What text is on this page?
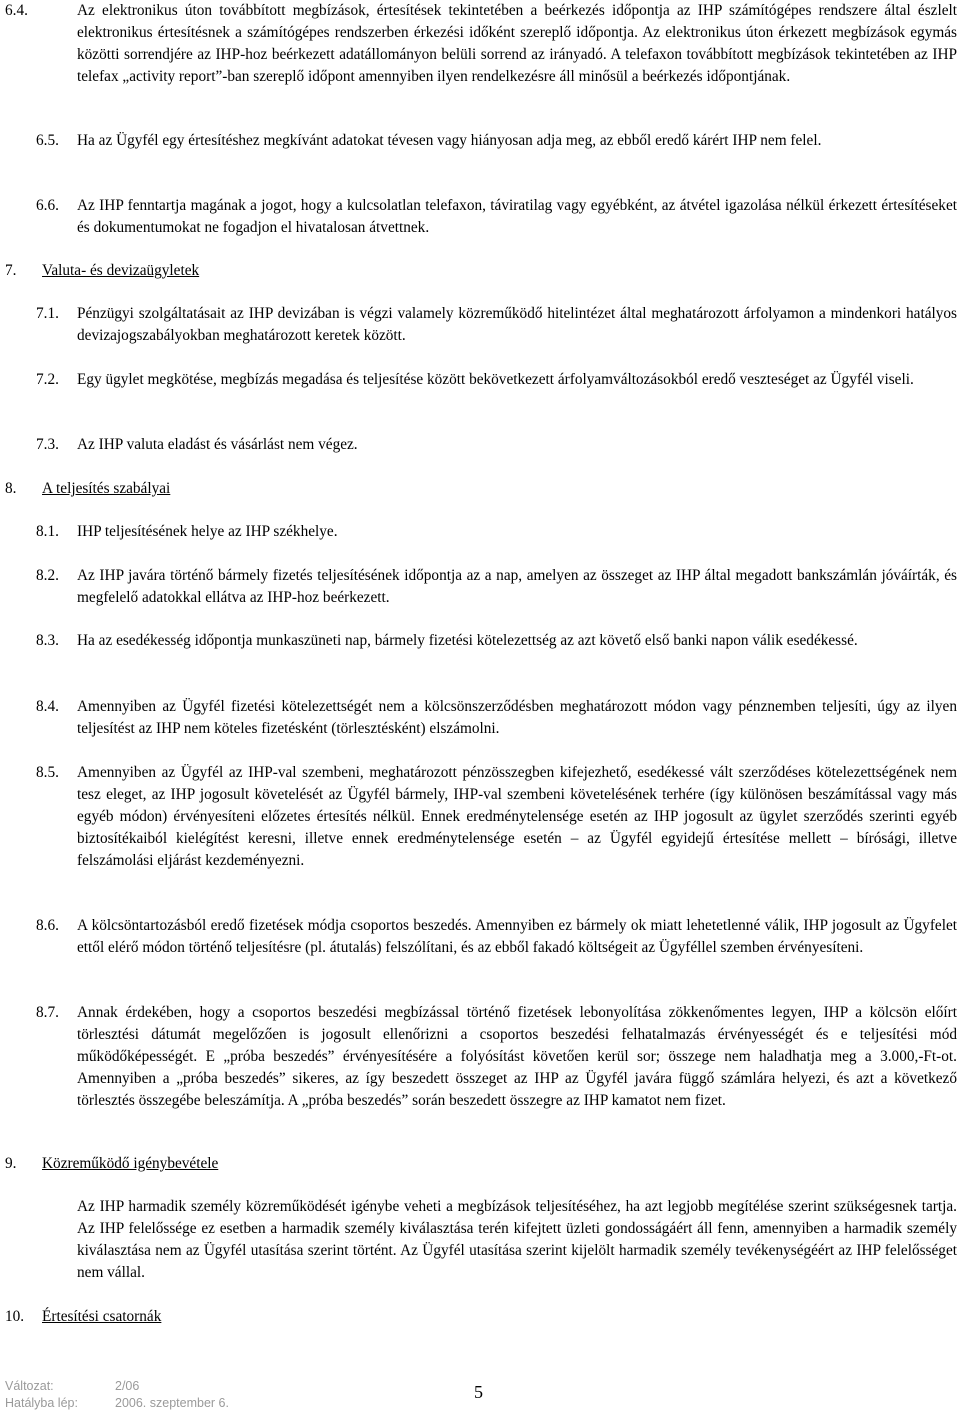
6.4.	Az elektronikus úton továbbított megbízások, értesítések tekintetében a beérkezés időpontja az IHP számítógépes rendszere által észlelt elektronikus értesítésnek a számítógépes rendszerben érkezési időként szereplő időpontja. Az elektronikus úton érkezett megbízások egymás közötti sorrendjére az IHP-hoz beérkezett adatállományon belüli sorrend az irányadó. A telefaxon továbbított megbízások tekintetében az IHP telefax „activity report”-ban szereplő időpont amennyiben ilyen rendelkezésre áll minősül a beérkezés időpontjának.

6.5. Ha az Ügyfél egy értesítéshez megkívánt adatokat tévesen vagy hiányosan adja meg, az ebből eredő kárért IHP nem felel.

6.6. Az IHP fenntartja magának a jogot, hogy a kulcsolatlan telefaxon, táviratilag vagy egyébként, az átvétel igazolása nélkül érkezett értesítéseket és dokumentumokat ne fogadjon el hivatalosan átvettnek.

7. Valuta- és devizaügyletek

7.1. Pénzügyi szolgáltatásait az IHP devizában is végzi valamely közreműködő hitelintézet által meghatározott árfolyamon a mindenkori hatályos devizajogszabályokban meghatározott keretek között.

7.2. Egy ügylet megkötése, megbízás megadása és teljesítése között bekövetkezett árfolyamváltozásokból eredő veszteséget az Ügyfél viseli.

7.3. Az IHP valuta eladást és vásárlást nem végez.

8. A teljesítés szabályai

8.1. IHP teljesítésének helye az IHP székhelye.

8.2. Az IHP javára történő bármely fizetés teljesítésének időpontja az a nap, amelyen az összeget az IHP által megadott bankszámlán jóváírták, és megfelelő adatokkal ellátva az IHP-hoz beérkezett.

8.3. Ha az esedékesség időpontja munkaszüneti nap, bármely fizetési kötelezettség az azt követő első banki napon válik esedékessé.

8.4. Amennyiben az Ügyfél fizetési kötelezettségét nem a kölcsönszerződésben meghatározott módon vagy pénznemben teljesíti, úgy az ilyen teljesítést az IHP nem köteles fizetésként (törlesztésként) elszámolni.

8.5. Amennyiben az Ügyfél az IHP-val szembeni, meghatározott pénzösszegben kifejezhető, esedékessé vált szerződéses kötelezettségének nem tesz eleget, az IHP jogosult követelését az Ügyfél bármely, IHP-val szembeni követelésének terhére (így különösen beszámítással vagy más egyéb módon) érvényesíteni előzetes értesítés nélkül. Ennek eredménytelensége esetén az IHP jogosult az ügylet szerződés szerinti egyéb biztosítékaiból kielégítést keresni, illetve ennek eredménytelensége esetén – az Ügyfél egyidejű értesítése mellett – bírósági, illetve felszámolási eljárást kezdeményezni.

8.6. A kölcsöntartozásból eredő fizetések módja csoportos beszedés. Amennyiben ez bármely ok miatt lehetetlenné válik, IHP jogosult az Ügyfelet ettől elérő módon történő teljesítésre (pl. átutalás) felszólítani, és az ebből fakadó költségeit az Ügyféllel szemben érvényesíteni.

8.7. Annak érdekében, hogy a csoportos beszedési megbízással történő fizetések lebonyolítása zökkenőmentes legyen, IHP a kölcsön előírt törlesztési dátumát megelőzően is jogosult ellenőrizni a csoportos beszedési felhatalmazás érvényességét és e teljesítési mód működőképességét. E „próba beszedés” érvényesítésére a folyósítást követően kerül sor; összege nem haladhatja meg a 3.000,-Ft-ot. Amennyiben a „próba beszedés” sikeres, az így beszedett összeget az IHP az Ügyfél javára függő számlára helyezi, és azt a következő törlesztés összegébe beleszámítja. A „próba beszedés” során beszedett összegre az IHP kamatot nem fizet.

9. Közreműködő igénybevétele

Az IHP harmadik személy közreműködését igénybe veheti a megbízások teljesítéséhez, ha azt legjobb megítélése szerint szükségesnek tartja. Az IHP felelőssége ez esetben a harmadik személy kiválasztása terén kifejtett üzleti gondosságáért áll fenn, amennyiben a harmadik személy kiválasztása nem az Ügyfél utasítása szerint történt. Az Ügyfél utasítása szerint kijelölt harmadik személy tevékenységéért az IHP felelősséget nem vállal.

10. Értesítési csatornák
Változat:	2/06
Hatályba lép:	2006. szeptember 6.
5
